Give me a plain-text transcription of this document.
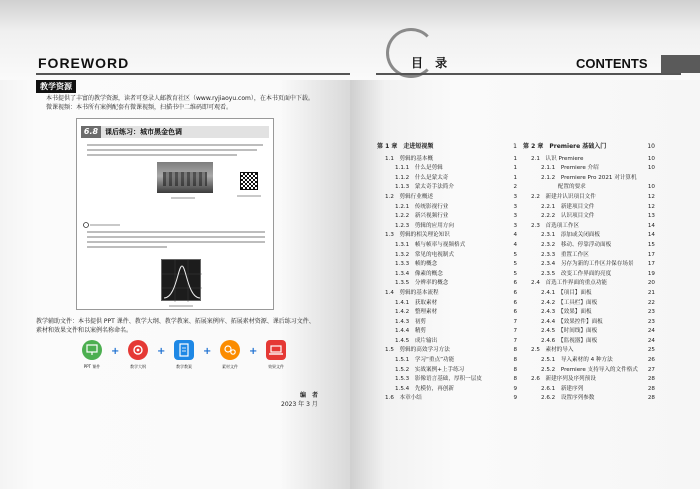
FOREWORD
教学资源
本书提供了丰富的教学资源，读者可登录人邮教育社区（www.ryjiaoyu.com），在本书页面中下载。
微课视频：本书所有案例配套有微课视频，扫描书中二维码即可观看。
6.8 课后练习：城市黑金色调
教学辅助文件：本书提供 PPT 课件、教学大纲、教学教案、拓展案例库、拓展素材资源、课后练习文件、
素材和效果文件和以案例名称命名。
PPT 课件
+
教学大纲
+
教学教案
+
素材文件
+
效果文件
编　者
2023 年 3 月
目 录	CONTENTS
第 1 章　走进短视频	1
1.1　剪辑的基本概	1
1.1.1　什么是剪辑	1
1.1.2　什么是蒙太奇	1
1.1.3　蒙太奇手法简介	2
1.2　剪辑行业概述	3
1.2.1　传统影视行业	3
1.2.2　新兴视频行业	3
1.2.3　剪辑的应用方向	3
1.3　剪辑的相关理论知识	4
1.3.1　帧与帧率与视频格式	4
1.3.2　常见的电视制式	5
1.3.3　帧的概念	5
1.3.4　像素的概念	5
1.3.5　分辨率的概念	6
1.4　剪辑的基本流程	6
1.4.1　获取素材	6
1.4.2　整理素材	6
1.4.3　初剪	7
1.4.4　精剪	7
1.4.5　成片输出	7
1.5　剪辑的高效学习方法	8
1.5.1　学习“重点”功能	8
1.5.2　实战案例+上手练习	8
1.5.3　影像语言基础，厚积一层皮	8
1.5.4　先模仿，再创新	9
1.6　本章小结	9
第 2 章　Premiere 基础入门	10
2.1　认识 Premiere	10
2.1.1　Premiere 介绍	10
2.1.2　Premiere Pro 2021 对计算机
　　　配置的要求	10
2.2　新建并认识项目文件	12
2.2.1　新建项目文件	12
2.2.2　认识项目文件	13
2.3　首选项工作区	14
2.3.1　添加或关闭面板	14
2.3.2　移动、停靠浮动面板	15
2.3.3　重置工作区	17
2.3.4　另存为新的工作区并保存场景	17
2.3.5　改变工作界面的亮度	19
2.4　首选工作界面的重点功能	20
2.4.1　【项目】面板	21
2.4.2　【工具栏】面板	22
2.4.3　【效果】面板	23
2.4.4　【效果控件】面板	23
2.4.5　【时间线】面板	24
2.4.6　【监视器】面板	24
2.5　素材的导入	25
2.5.1　导入素材的 4 种方法	26
2.5.2　Premiere 支持导入的文件格式 27
2.6　新建序列及序列预设	28
2.6.1　新建序列	28
2.6.2　设置序列参数	28
